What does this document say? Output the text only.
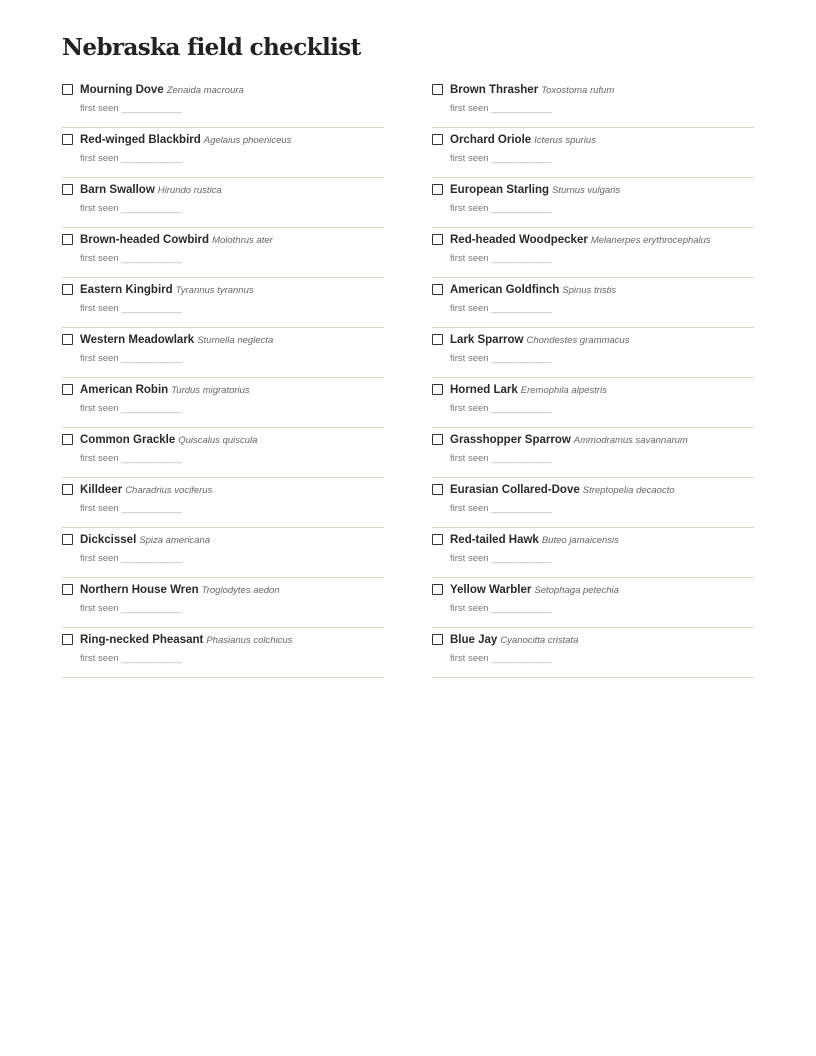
Nebraska field checklist
Mourning Dove Zenaida macroura
first seen ____________
Red-winged Blackbird Agelaius phoeniceus
first seen ____________
Barn Swallow Hirundo rustica
first seen ____________
Brown-headed Cowbird Molothrus ater
first seen ____________
Eastern Kingbird Tyrannus tyrannus
first seen ____________
Western Meadowlark Sturnella neglecta
first seen ____________
American Robin Turdus migratorius
first seen ____________
Common Grackle Quiscalus quiscula
first seen ____________
Killdeer Charadrius vociferus
first seen ____________
Dickcissel Spiza americana
first seen ____________
Northern House Wren Troglodytes aedon
first seen ____________
Ring-necked Pheasant Phasianus colchicus
first seen ____________
Brown Thrasher Toxostoma rufum
first seen ____________
Orchard Oriole Icterus spurius
first seen ____________
European Starling Sturnus vulgaris
first seen ____________
Red-headed Woodpecker Melanerpes erythrocephalus
first seen ____________
American Goldfinch Spinus tristis
first seen ____________
Lark Sparrow Chondestes grammacus
first seen ____________
Horned Lark Eremophila alpestris
first seen ____________
Grasshopper Sparrow Ammodramus savannarum
first seen ____________
Eurasian Collared-Dove Streptopelia decaocto
first seen ____________
Red-tailed Hawk Buteo jamaicensis
first seen ____________
Yellow Warbler Setophaga petechia
first seen ____________
Blue Jay Cyanocitta cristata
first seen ____________
